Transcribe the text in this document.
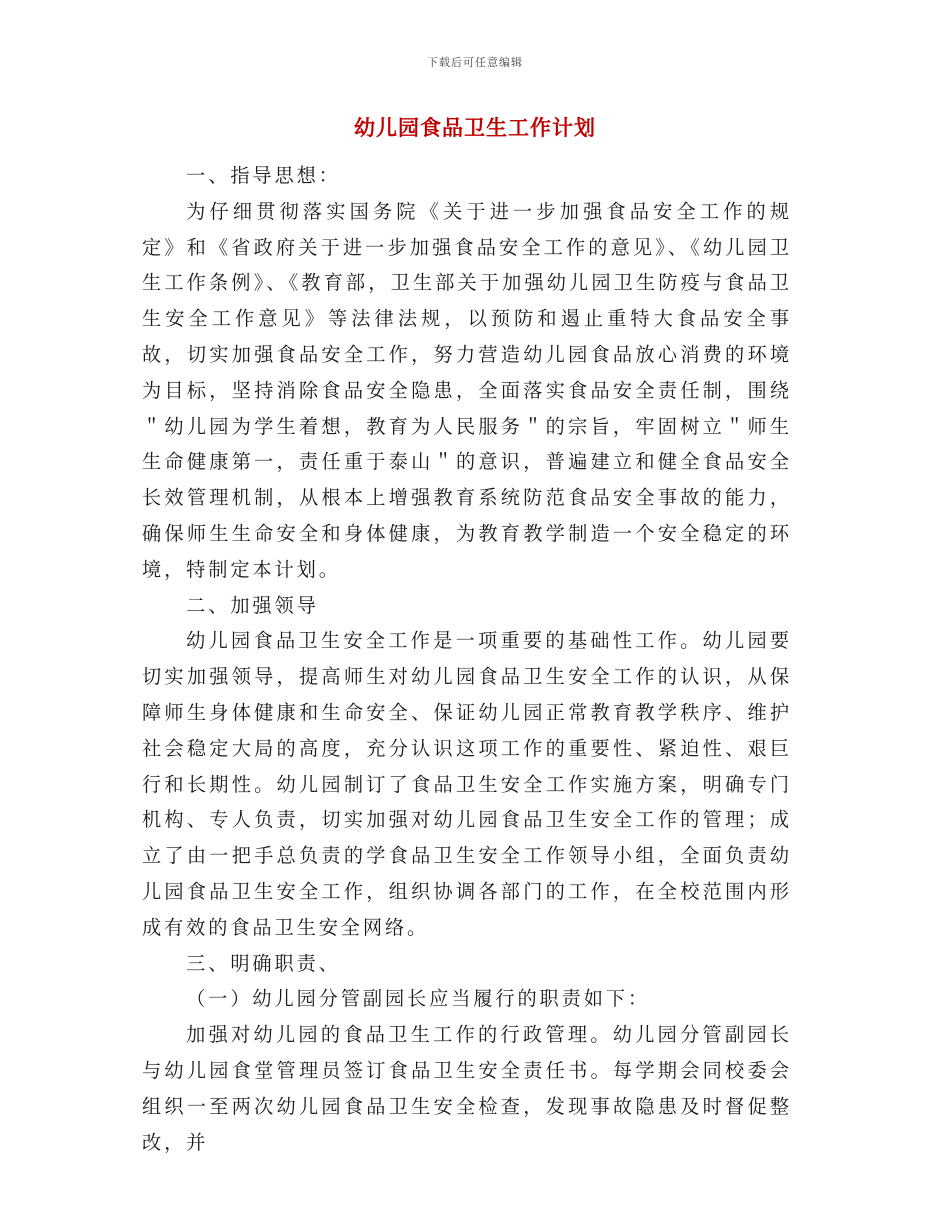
下载后可任意编辑
幼儿园食品卫生工作计划

一、指导思想：

为仔细贯彻落实国务院《关于进一步加强食品安全工作的规定》和《省政府关于进一步加强食品安全工作的意见》、《幼儿园卫生工作条例》、《教育部，卫生部关于加强幼儿园卫生防疫与食品卫生安全工作意见》等法律法规，以预防和遏止重特大食品安全事故，切实加强食品安全工作，努力营造幼儿园食品放心消费的环境为目标，坚持消除食品安全隐患，全面落实食品安全责任制，围绕＂幼儿园为学生着想，教育为人民服务＂的宗旨，牢固树立＂师生生命健康第一，责任重于泰山＂的意识，普遍建立和健全食品安全长效管理机制，从根本上增强教育系统防范食品安全事故的能力，确保师生生命安全和身体健康，为教育教学制造一个安全稳定的环境，特制定本计划。

二、加强领导

幼儿园食品卫生安全工作是一项重要的基础性工作。幼儿园要切实加强领导，提高师生对幼儿园食品卫生安全工作的认识，从保障师生身体健康和生命安全、保证幼儿园正常教育教学秩序、维护社会稳定大局的高度，充分认识这项工作的重要性、紧迫性、艰巨行和长期性。幼儿园制订了食品卫生安全工作实施方案，明确专门机构、专人负责，切实加强对幼儿园食品卫生安全工作的管理；成立了由一把手总负责的学食品卫生安全工作领导小组，全面负责幼儿园食品卫生安全工作，组织协调各部门的工作，在全校范围内形成有效的食品卫生安全网络。

三、明确职责、

（一）幼儿园分管副园长应当履行的职责如下：

加强对幼儿园的食品卫生工作的行政管理。幼儿园分管副园长与幼儿园食堂管理员签订食品卫生安全责任书。每学期会同校委会组织一至两次幼儿园食品卫生安全检查，发现事故隐患及时督促整改，并
